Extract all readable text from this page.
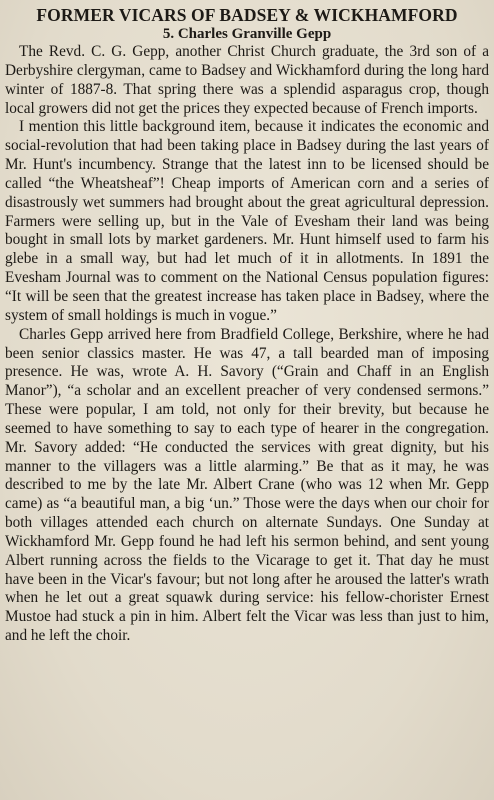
FORMER VICARS OF BADSEY & WICKHAMFORD
5. Charles Granville Gepp

The Revd. C. G. Gepp, another Christ Church graduate, the 3rd son of a Derbyshire clergyman, came to Badsey and Wickhamford during the long hard winter of 1887-8. That spring there was a splendid asparagus crop, though local growers did not get the prices they expected because of French imports.

I mention this little background item, because it indicates the economic and social-revolution that had been taking place in Badsey during the last years of Mr. Hunt's incumbency. Strange that the latest inn to be licensed should be called “the Wheatsheaf”! Cheap imports of American corn and a series of disastrously wet summers had brought about the great agricultural depression. Farmers were selling up, but in the Vale of Evesham their land was being bought in small lots by market gardeners. Mr. Hunt himself used to farm his glebe in a small way, but had let much of it in allotments. In 1891 the Evesham Journal was to comment on the National Census population figures: “It will be seen that the greatest increase has taken place in Badsey, where the system of small holdings is much in vogue.”

Charles Gepp arrived here from Bradfield College, Berkshire, where he had been senior classics master. He was 47, a tall bearded man of imposing presence. He was, wrote A. H. Savory (“Grain and Chaff in an English Manor”), “a scholar and an excellent preacher of very condensed sermons.” These were popular, I am told, not only for their brevity, but because he seemed to have something to say to each type of hearer in the congregation. Mr. Savory added: “He conducted the services with great dignity, but his manner to the villagers was a little alarming.” Be that as it may, he was described to me by the late Mr. Albert Crane (who was 12 when Mr. Gepp came) as “a beautiful man, a big ‘un.” Those were the days when our choir for both villages attended each church on alternate Sundays. One Sunday at Wickhamford Mr. Gepp found he had left his sermon behind, and sent young Albert running across the fields to the Vicarage to get it. That day he must have been in the Vicar's favour; but not long after he aroused the latter's wrath when he let out a great squawk during service: his fellow-chorister Ernest Mustoe had stuck a pin in him. Albert felt the Vicar was less than just to him, and he left the choir.
